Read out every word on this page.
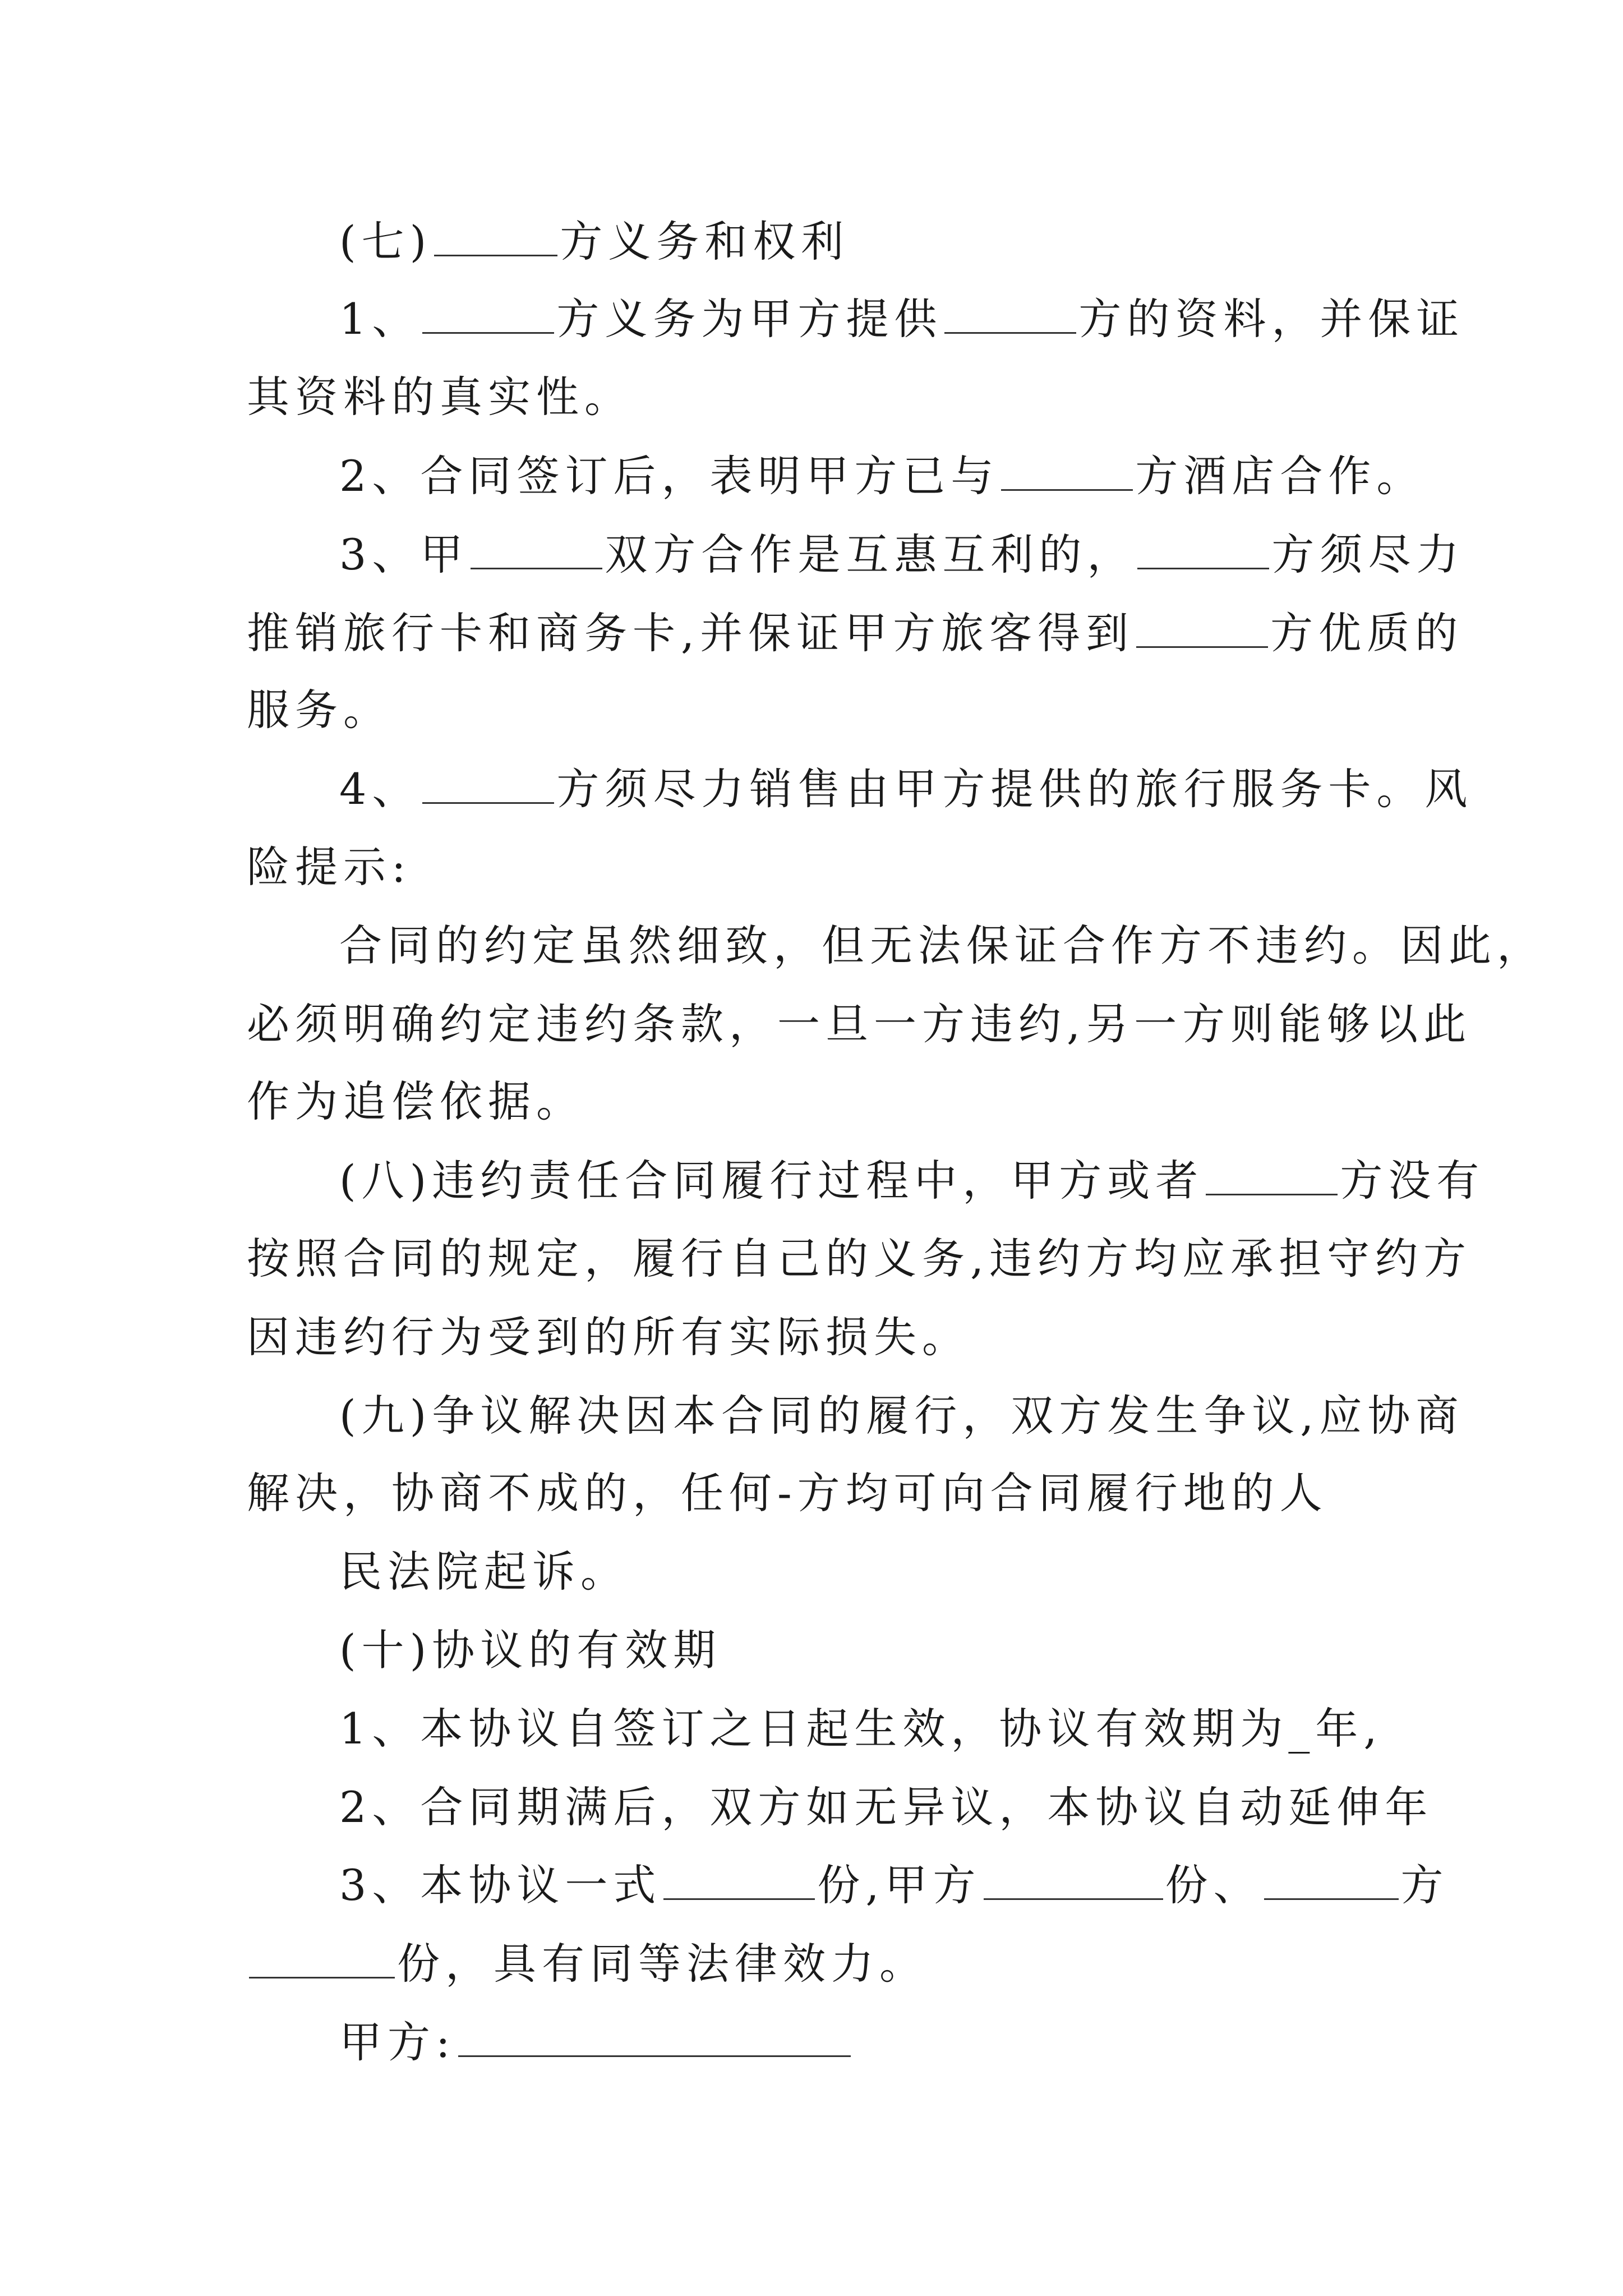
(七)	方义务和权利
1、	方义务为甲方提供	方的资料，并保证
其资料的真实性。
2、合同签订后，表明甲方已与	方酒店合作。
3、甲	双方合作是互惠互利的，	方须尽力
推销旅行卡和商务卡,并保证甲方旅客得到	方优质的
服务。
4、	方须尽力销售由甲方提供的旅行服务卡。风
险提示:
合同的约定虽然细致，但无法保证合作方不违约。因此，
必须明确约定违约条款，一旦一方违约,另一方则能够以此
作为追偿依据。
(八)违约责任合同履行过程中，甲方或者	方没有
按照合同的规定，履行自己的义务,违约方均应承担守约方
因违约行为受到的所有实际损失。
(九)争议解决因本合同的履行，双方发生争议,应协商
解决，协商不成的，任何-方均可向合同履行地的人
民法院起诉。
(十)协议的有效期
1、本协议自签订之日起生效，协议有效期为_年,
2、合同期满后，双方如无异议，本协议自动延伸年
3、本协议一式	份,甲方	份、	方
份，具有同等法律效力。
甲方:
